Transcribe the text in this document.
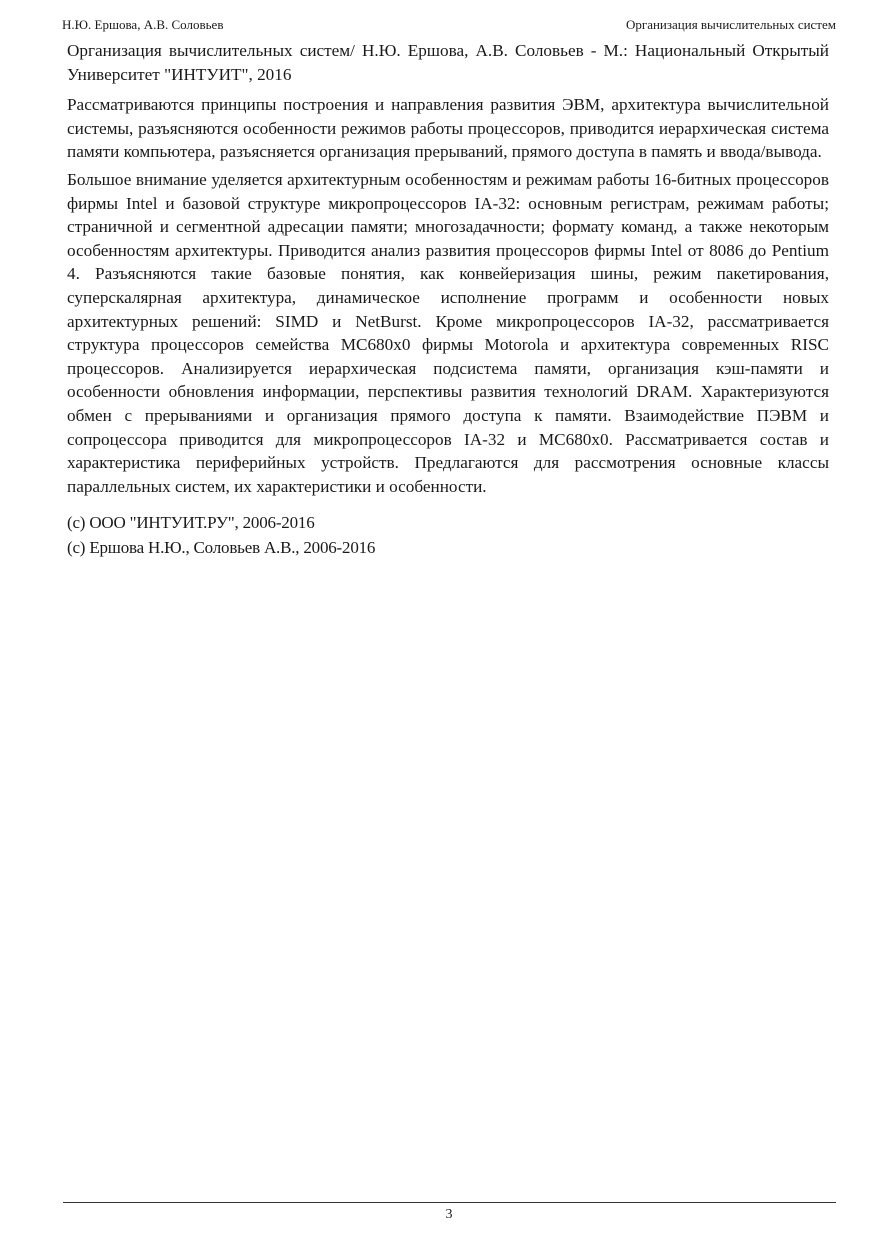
Н.Ю. Ершова, А.В. Соловьев	Организация вычислительных систем

Организация вычислительных систем/ Н.Ю. Ершова, А.В. Соловьев - М.: Национальный Открытый Университет "ИНТУИТ", 2016

Рассматриваются принципы построения и направления развития ЭВМ, архитектура вычислительной системы, разъясняются особенности режимов работы процессоров, приводится иерархическая система памяти компьютера, разъясняется организация прерываний, прямого доступа в память и ввода/вывода.

Большое внимание уделяется архитектурным особенностям и режимам работы 16-битных процессоров фирмы Intel и базовой структуре микропроцессоров IA-32: основным регистрам, режимам работы; страничной и сегментной адресации памяти; многозадачности; формату команд, а также некоторым особенностям архитектуры. Приводится анализ развития процессоров фирмы Intel от 8086 до Pentium 4. Разъясняются такие базовые понятия, как конвейеризация шины, режим пакетирования, суперскалярная архитектура, динамическое исполнение программ и особенности новых архитектурных решений: SIMD и NetBurst. Кроме микропроцессоров IA-32, рассматривается структура процессоров семейства MC680x0 фирмы Motorola и архитектура современных RISC процессоров. Анализируется иерархическая подсистема памяти, организация кэш-памяти и особенности обновления информации, перспективы развития технологий DRAM. Характеризуются обмен с прерываниями и организация прямого доступа к памяти. Взаимодействие ПЭВМ и сопроцессора приводится для микропроцессоров IA-32 и MC680x0. Рассматривается состав и характеристика периферийных устройств. Предлагаются для рассмотрения основные классы параллельных систем, их характеристики и особенности.

(c) ООО "ИНТУИТ.РУ", 2006-2016

(c) Ершова Н.Ю., Соловьев А.В., 2006-2016

3
